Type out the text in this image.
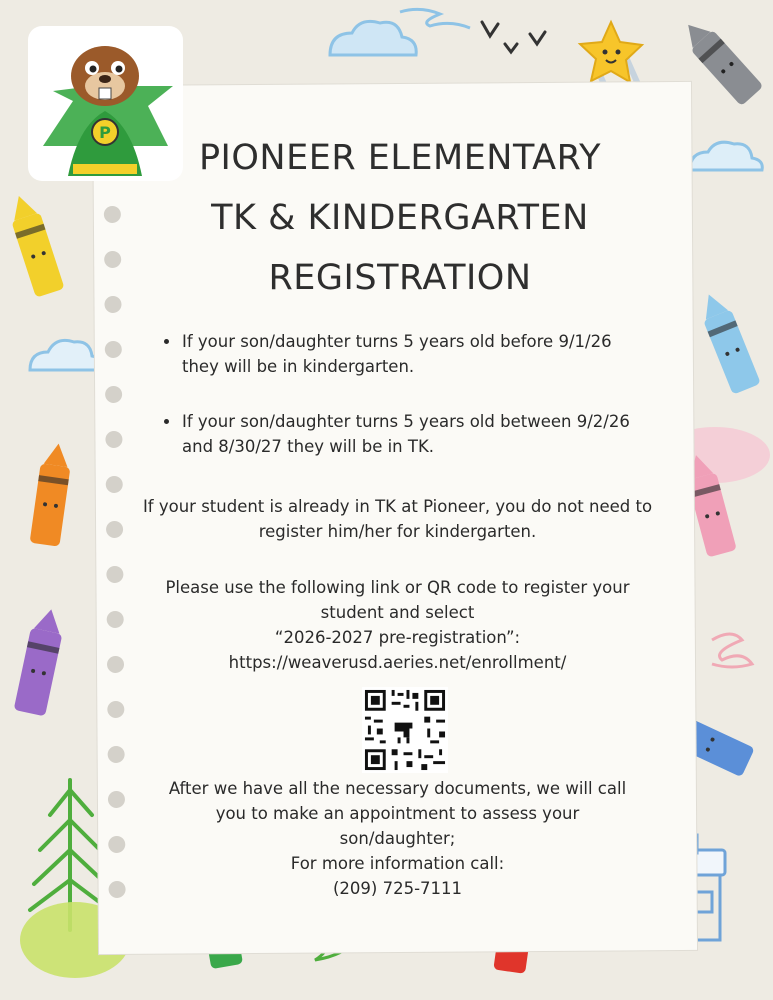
P
PIONEER ELEMENTARY
TK & KINDERGARTEN
REGISTRATION
If your son/daughter turns 5 years old before 9/1/26 they will be in kindergarten.
If your son/daughter turns 5 years old between 9/2/26 and 8/30/27 they will be in TK.
If your student is already in TK at Pioneer, you do not need to register him/her for kindergarten.
Please use the following link or QR code to register your
student and select
“2026-2027 pre-registration”:
https://weaverusd.aeries.net/enrollment/
After we have all the necessary documents, we will call
you to make an appointment to assess your
son/daughter;
For more information call:
(209) 725-7111
